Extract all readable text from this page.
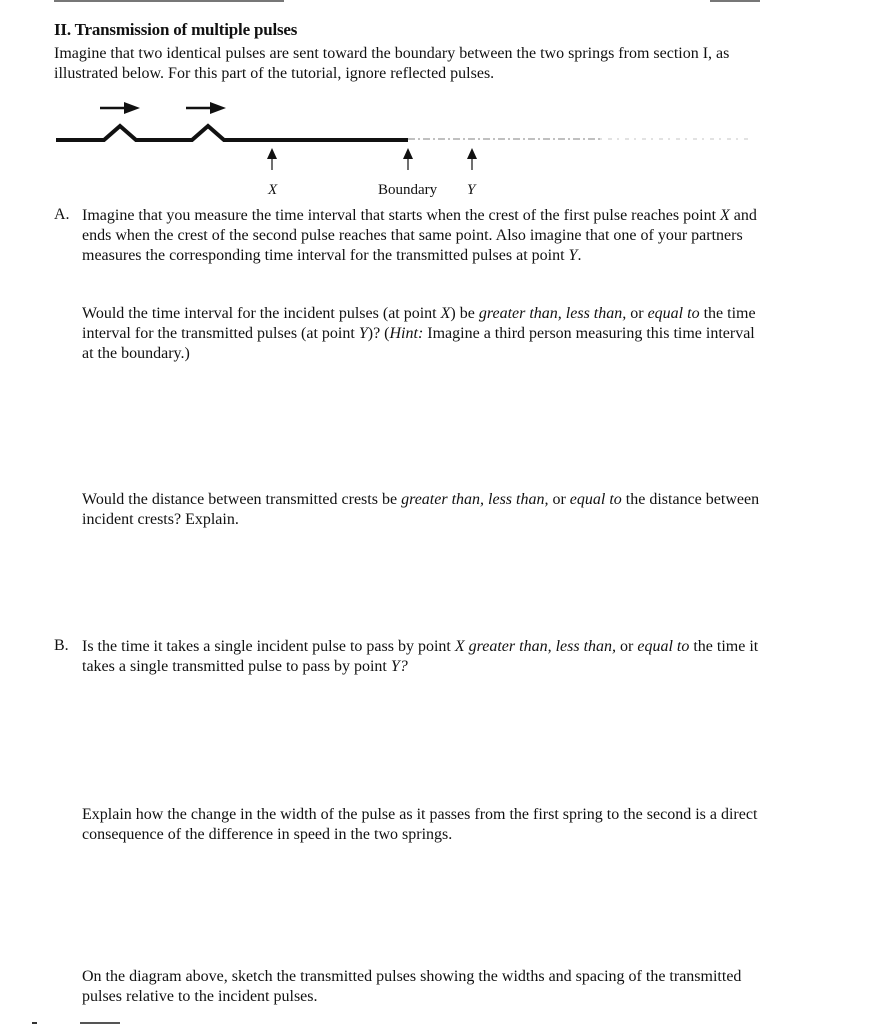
II. Transmission of multiple pulses

Imagine that two identical pulses are sent toward the boundary between the two springs from section I, as illustrated below. For this part of the tutorial, ignore reflected pulses.

X	Boundary Y
A. Imagine that you measure the time interval that starts when the crest of the first pulse reaches point X and ends when the crest of the second pulse reaches that same point. Also imagine that one of your partners measures the corresponding time interval for the transmitted pulses at point Y.

Would the time interval for the incident pulses (at point X) be greater than, less than, or equal to the time interval for the transmitted pulses (at point Y)? (Hint: Imagine a third person measuring this time interval at the boundary.)

Would the distance between transmitted crests be greater than, less than, or equal to the distance between incident crests? Explain.

B. Is the time it takes a single incident pulse to pass by point X greater than, less than, or equal to the time it takes a single transmitted pulse to pass by point Y?

Explain how the change in the width of the pulse as it passes from the first spring to the second is a direct consequence of the difference in speed in the two springs.

On the diagram above, sketch the transmitted pulses showing the widths and spacing of the transmitted pulses relative to the incident pulses.
